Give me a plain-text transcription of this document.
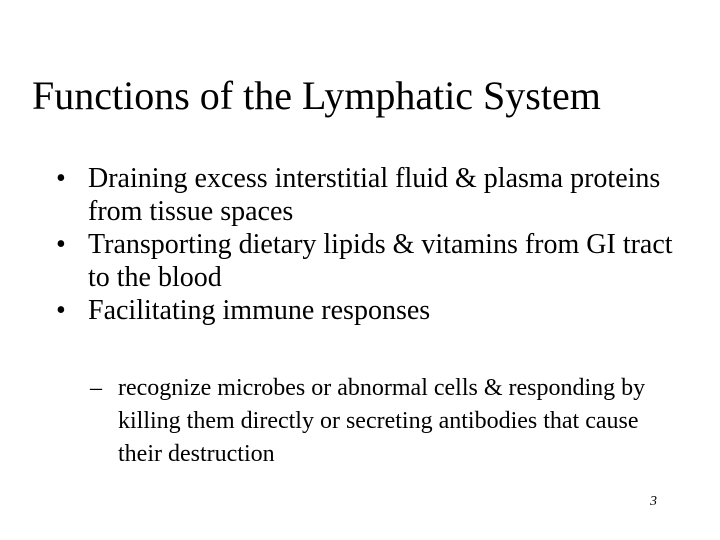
Functions of the Lymphatic System
• Draining excess interstitial fluid & plasma proteins from tissue spaces
• Transporting dietary lipids & vitamins from GI tract to the blood
• Facilitating immune responses
– recognize microbes or abnormal cells & responding by killing them directly or secreting antibodies that cause their destruction
3
